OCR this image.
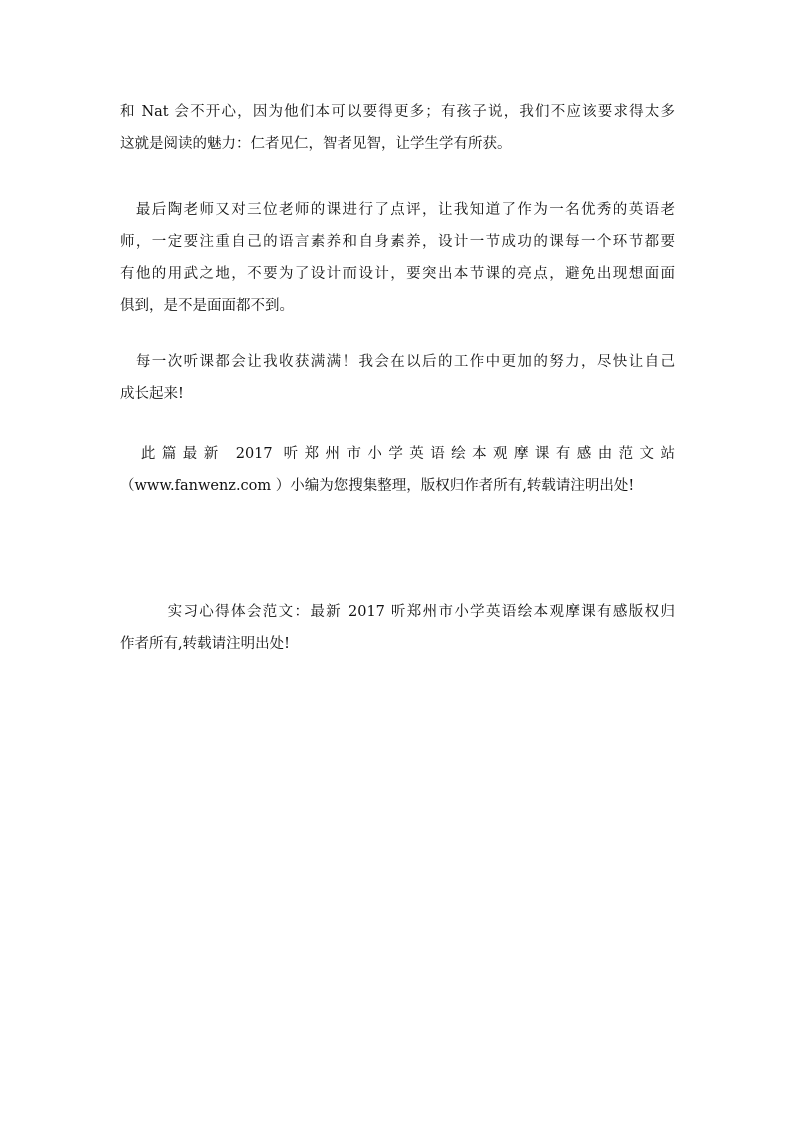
和 Nat 会不开心，因为他们本可以要得更多；有孩子说，我们不应该要求得太多
这就是阅读的魅力：仁者见仁，智者见智，让学生学有所获。
　最后陶老师又对三位老师的课进行了点评，让我知道了作为一名优秀的英语老
师，一定要注重自己的语言素养和自身素养，设计一节成功的课每一个环节都要
有他的用武之地，不要为了设计而设计，要突出本节课的亮点，避免出现想面面
俱到，是不是面面都不到。
　每一次听课都会让我收获满满！我会在以后的工作中更加的努力，尽快让自己
成长起来!
　此篇最新 2017 听郑州市小学英语绘本观摩课有感由范文站
（www.fanwenz.com ）小编为您搜集整理，版权归作者所有,转载请注明出处!
　　　实习心得体会范文：最新 2017 听郑州市小学英语绘本观摩课有感版权归
作者所有,转载请注明出处!
